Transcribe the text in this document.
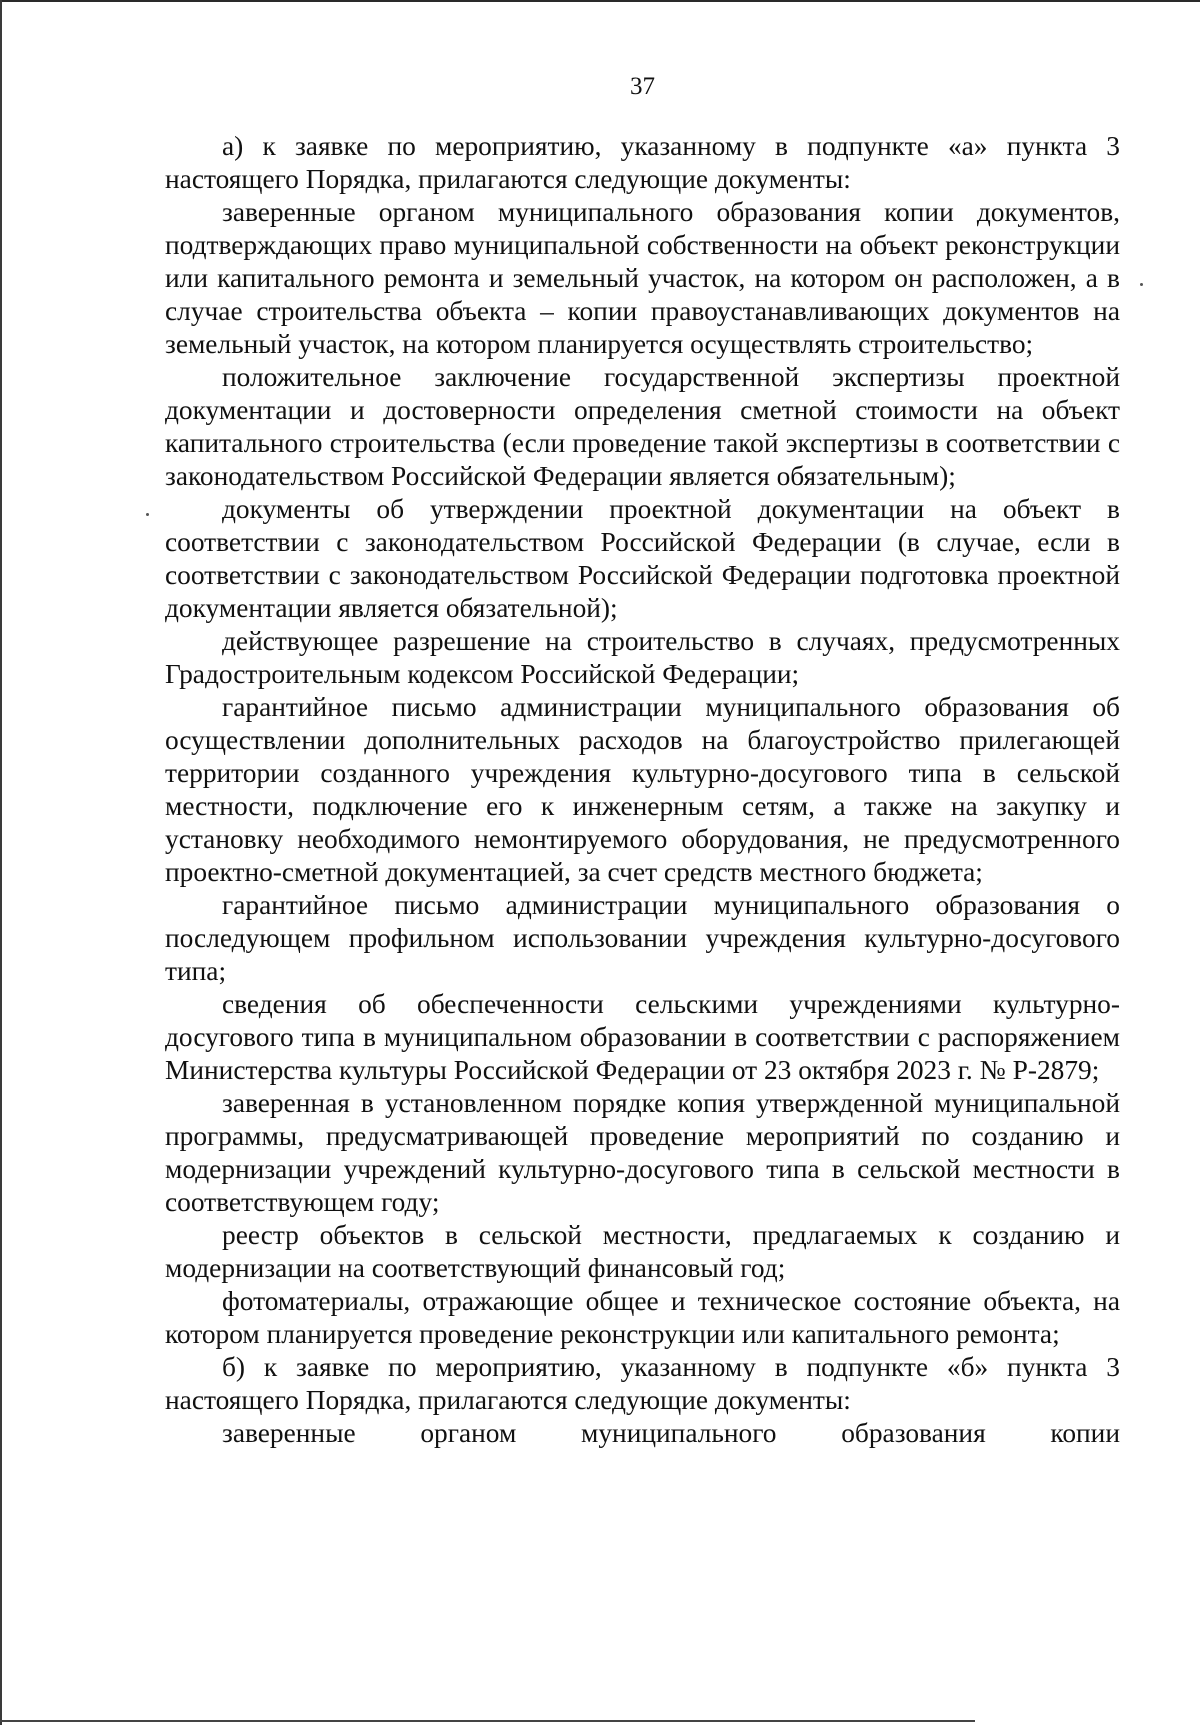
37

а) к заявке по мероприятию, указанному в подпункте «а» пункта 3 настоящего Порядка, прилагаются следующие документы:

заверенные органом муниципального образования копии документов, подтверждающих право муниципальной собственности на объект реконструкции или капитального ремонта и земельный участок, на котором он расположен, а в случае строительства объекта – копии правоустанавливающих документов на земельный участок, на котором планируется осуществлять строительство;

положительное заключение государственной экспертизы проектной документации и достоверности определения сметной стоимости на объект капитального строительства (если проведение такой экспертизы в соответствии с законодательством Российской Федерации является обязательным);

документы об утверждении проектной документации на объект в соответствии с законодательством Российской Федерации (в случае, если в соответствии с законодательством Российской Федерации подготовка проектной документации является обязательной);

действующее разрешение на строительство в случаях, предусмотренных Градостроительным кодексом Российской Федерации;

гарантийное письмо администрации муниципального образования об осуществлении дополнительных расходов на благоустройство прилегающей территории созданного учреждения культурно-досугового типа в сельской местности, подключение его к инженерным сетям, а также на закупку и установку необходимого немонтируемого оборудования, не предусмотренного проектно-сметной документацией, за счет средств местного бюджета;

гарантийное письмо администрации муниципального образования о последующем профильном использовании учреждения культурно-досугового типа;

сведения об обеспеченности сельскими учреждениями культурно-досугового типа в муниципальном образовании в соответствии с распоряжением Министерства культуры Российской Федерации от 23 октября 2023 г. № Р-2879;

заверенная в установленном порядке копия утвержденной муниципальной программы, предусматривающей проведение мероприятий по созданию и модернизации учреждений культурно-досугового типа в сельской местности в соответствующем году;

реестр объектов в сельской местности, предлагаемых к созданию и модернизации на соответствующий финансовый год;

фотоматериалы, отражающие общее и техническое состояние объекта, на котором планируется проведение реконструкции или капитального ремонта;

б) к заявке по мероприятию, указанному в подпункте «б» пункта 3 настоящего Порядка, прилагаются следующие документы:

заверенные органом муниципального образования копии
